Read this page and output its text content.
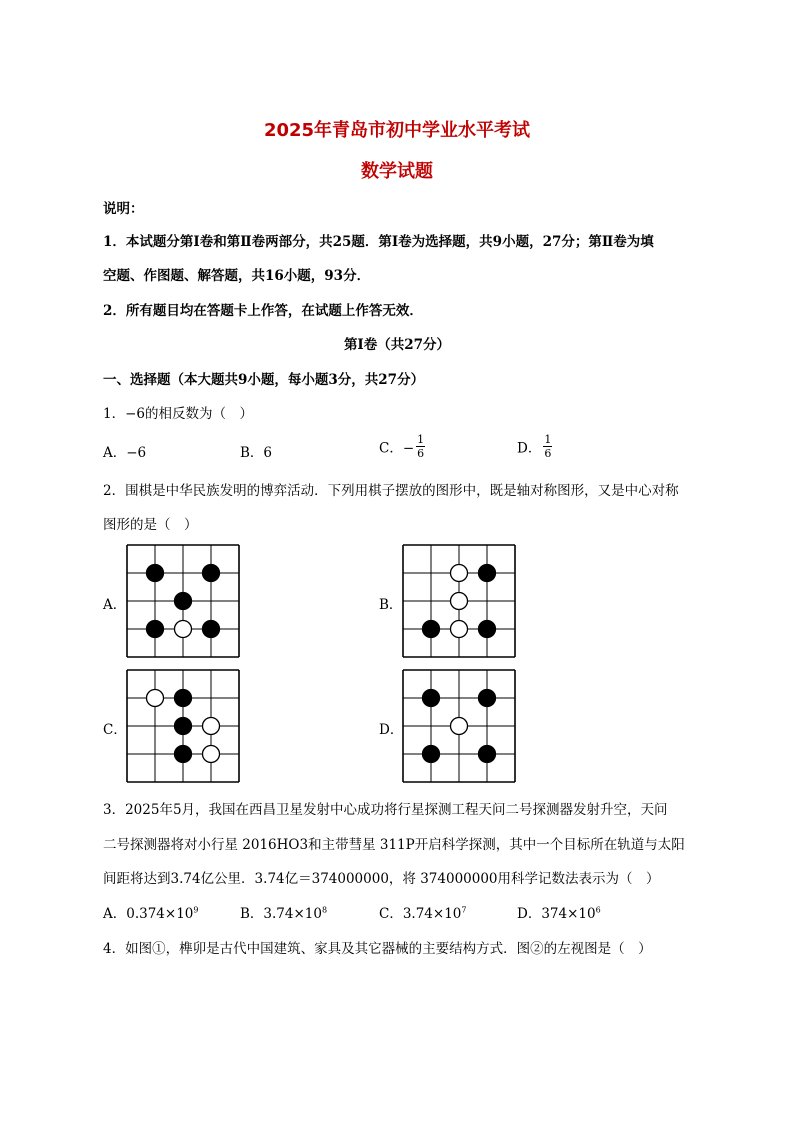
2025年青岛市初中学业水平考试
数学试题
说明：
1．本试题分第Ⅰ卷和第Ⅱ卷两部分，共25题．第Ⅰ卷为选择题，共9小题，27分；第Ⅱ卷为填
空题、作图题、解答题，共16小题，93分．
2．所有题目均在答题卡上作答，在试题上作答无效．
第Ⅰ卷（共27分）
一、选择题（本大题共9小题，每小题3分，共27分）
1．−6的相反数为（　）
A．−6	B．6	C．− $\frac{1}{6}$	D． $\frac{1}{6}$
2．围棋是中华民族发明的博弈活动．下列用棋子摆放的图形中，既是轴对称图形，又是中心对称
图形的是（　）
A．	B．
C．	D．
3．2025年5月，我国在西昌卫星发射中心成功将行星探测工程天问二号探测器发射升空，天问
二号探测器将对小行星 2016HO3和主带彗星 311P开启科学探测，其中一个目标所在轨道与太阳
间距将达到3.74亿公里．3.74亿＝374000000，将 374000000用科学记数法表示为（　）
A．$0.374\times 10^9$	B．$3.74\times 10^8$	C．$3.74\times 10^7$	D．$374\times 10^6$
4．如图①，榫卯是古代中国建筑、家具及其它器械的主要结构方式．图②的左视图是（　）
